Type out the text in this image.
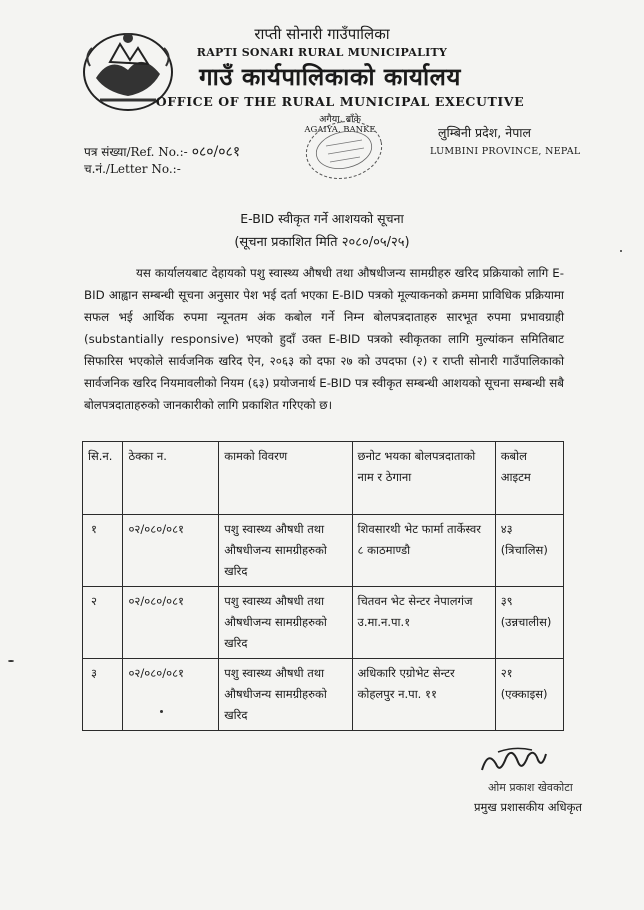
राप्ती सोनारी गाउँपालिका
RAPTI SONARI RURAL MUNICIPALITY
गाउँ कार्यपालिकाको कार्यालय
OFFICE OF THE RURAL MUNICIPAL EXECUTIVE
अगैया, बाँके
AGAIYA, BANKE
पत्र संख्या/Ref. No.:- ०८०/०८१
च.नं./Letter No.:-
लुम्बिनी प्रदेश, नेपाल
LUMBINI PROVINCE, NEPAL
E-BID स्वीकृत गर्ने आशयको सूचना
(सूचना प्रकाशित मिति २०८०/०५/२५)
यस कार्यालयबाट देहायको पशु स्वास्थ्य औषधी तथा औषधीजन्य सामग्रीहरु खरिद प्रक्रियाको लागि E-BID आह्वान सम्बन्धी सूचना अनुसार पेश भई दर्ता भएका E-BID पत्रको मूल्याकनको क्रममा प्राविधिक प्रक्रियामा सफल भई आर्थिक रुपमा न्यूनतम अंक कबोल गर्ने निम्न बोलपत्रदाताहरु सारभूत रुपमा प्रभावग्राही (substantially responsive) भएको हुदाँ उक्त E-BID पत्रको स्वीकृतका लागि मुल्यांकन समितिबाट सिफारिस भएकोले सार्वजनिक खरिद ऐन, २०६३ को दफा २७ को उपदफा (२) र राप्ती सोनारी गाउँपालिकाको सार्वजनिक खरिद नियमावलीको नियम (६३) प्रयोजनार्थ E-BID पत्र स्वीकृत सम्बन्धी आशयको सूचना सम्बन्धी सबै बोलपत्रदाताहरुको जानकारीको लागि प्रकाशित गरिएको छ।
सि.न.	ठेक्का न.	कामको विवरण	छनोट भयका बोलपत्रदाताको नाम र ठेगाना	कबोल आइटम
१	०२/०८०/०८१	पशु स्वास्थ्य औषधी तथा औषधीजन्य सामग्रीहरुको खरिद	शिवसारथी भेट फार्मा तार्केस्वर ८ काठमाण्डौ	४३ (त्रिचालिस)
२	०२/०८०/०८१	पशु स्वास्थ्य औषधी तथा औषधीजन्य सामग्रीहरुको खरिद	चितवन भेट सेन्टर नेपालगंज उ.मा.न.पा.१	३९ (उन्नचालीस)
३	०२/०८०/०८१	पशु स्वास्थ्य औषधी तथा औषधीजन्य सामग्रीहरुको खरिद	अधिकारि एग्रोभेट सेन्टर कोहलपुर न.पा. ११	२१ (एक्काइस)
ओम प्रकाश खेवकोटा
प्रमुख प्रशासकीय अधिकृत
